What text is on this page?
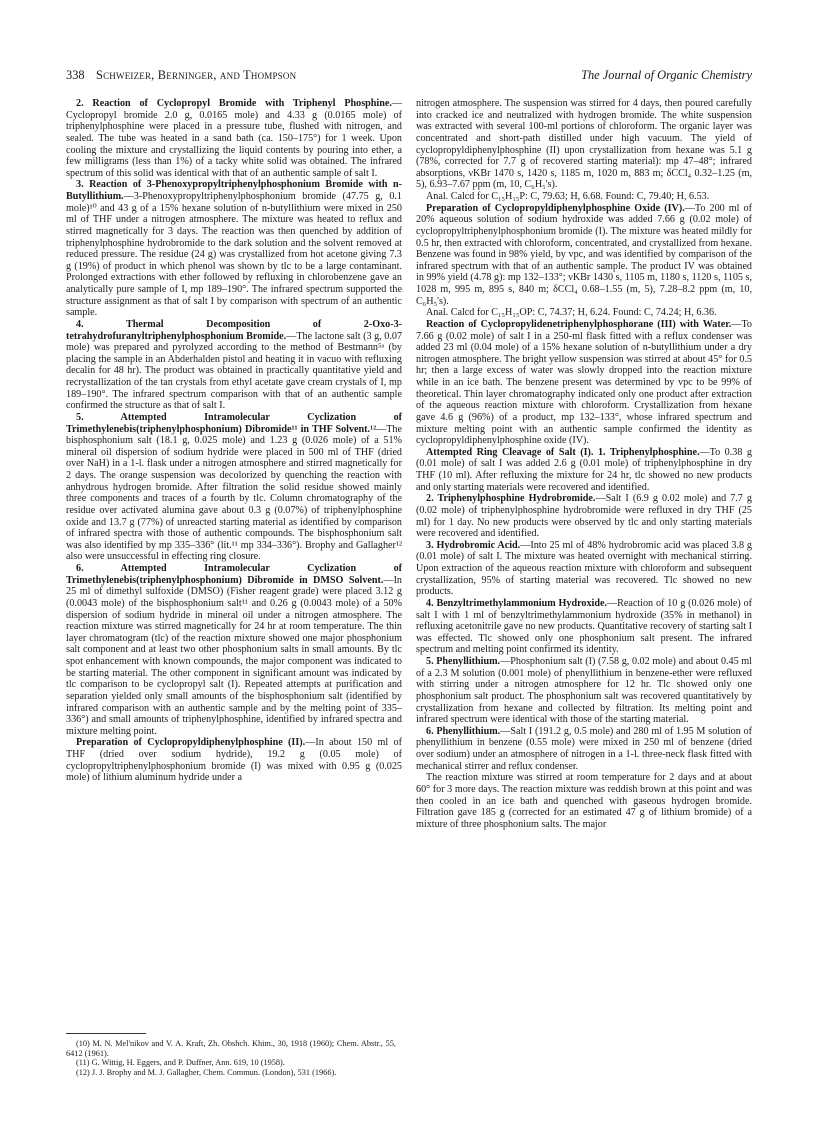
338 Schweizer, Berninger, and Thompson	The Journal of Organic Chemistry

2. Reaction of Cyclopropyl Bromide with Triphenyl Phosphine.—Cyclopropyl bromide 2.0 g, 0.0165 mole) and 4.33 g (0.0165 mole) of triphenylphosphine were placed in a pressure tube, flushed with nitrogen, and sealed. The tube was heated in a sand bath (ca. 150–175°) for 1 week. Upon cooling the mixture and crystallizing the liquid contents by pouring into ether, a few milligrams (less than 1%) of a tacky white solid was obtained. The infrared spectrum of this solid was identical with that of an authentic sample of salt I.

3. Reaction of 3-Phenoxypropyltriphenylphosphonium Bromide with n-Butyllithium.—3-Phenoxypropyltriphenylphosphonium bromide (47.75 g, 0.1 mole)¹⁰ and 43 g of a 15% hexane solution of n-butyllithium were mixed in 250 ml of THF under a nitrogen atmosphere. The mixture was heated to reflux and stirred magnetically for 3 days. The reaction was then quenched by addition of triphenylphosphine hydrobromide to the dark solution and the solvent removed at reduced pressure. The residue (24 g) was crystallized from hot acetone giving 7.3 g (19%) of product in which phenol was shown by tlc to be a large contaminant. Prolonged extractions with ether followed by refluxing in chlorobenzene gave an analytically pure sample of I, mp 189–190°. The infrared spectrum supported the structure assignment as that of salt I by comparison with spectrum of an authentic sample.

4. Thermal Decomposition of 2-Oxo-3-tetrahydrofuranyltriphenylphosphonium Bromide.—The lactone salt (3 g, 0.07 mole) was prepared and pyrolyzed according to the method of Bestmann⁵ᵃ (by placing the sample in an Abderhalden pistol and heating it in vacuo with refluxing decalin for 48 hr). The product was obtained in practically quantitative yield and recrystallization of the tan crystals from ethyl acetate gave cream crystals of I, mp 189–190°. The infrared spectrum comparison with that of an authentic sample confirmed the structure as that of salt I.

5. Attempted Intramolecular Cyclization of Trimethylenebis(triphenylphosphonium) Dibromide¹¹ in THF Solvent.¹²—The bisphosphonium salt (18.1 g, 0.025 mole) and 1.23 g (0.026 mole) of a 51% mineral oil dispersion of sodium hydride were placed in 500 ml of THF (dried over NaH) in a 1-l. flask under a nitrogen atmosphere and stirred magnetically for 2 days. The orange suspension was decolorized by quenching the reaction with anhydrous hydrogen bromide. After filtration the solid residue showed mainly three components and traces of a fourth by tlc. Column chromatography of the residue over activated alumina gave about 0.3 g (0.07%) of triphenylphosphine oxide and 13.7 g (77%) of unreacted starting material as identified by comparison of infrared spectra with those of authentic compounds. The bisphosphonium salt was also identified by mp 335–336° (lit.¹¹ mp 334–336°). Brophy and Gallagher¹² also were unsuccessful in effecting ring closure.

6. Attempted Intramolecular Cyclization of Trimethylenebis(triphenylphosphonium) Dibromide in DMSO Solvent.—In 25 ml of dimethyl sulfoxide (DMSO) (Fisher reagent grade) were placed 3.12 g (0.0043 mole) of the bisphosphonium salt¹¹ and 0.26 g (0.0043 mole) of a 50% dispersion of sodium hydride in mineral oil under a nitrogen atmosphere. The reaction mixture was stirred magnetically for 24 hr at room temperature. The thin layer chromatogram (tlc) of the reaction mixture showed one major phosphonium salt component and at least two other phosphonium salts in small amounts. By tlc spot enhancement with known compounds, the major component was indicated to be starting material. The other component in significant amount was indicated by tlc comparison to be cyclopropyl salt (I). Repeated attempts at purification and separation yielded only small amounts of the bisphosphonium salt (identified by infrared comparison with an authentic sample and by the melting point of 335–336°) and small amounts of triphenylphosphine, identified by infrared spectra and mixture melting point.

Preparation of Cyclopropyldiphenylphosphine (II).—In about 150 ml of THF (dried over sodium hydride), 19.2 g (0.05 mole) of cyclopropyltriphenylphosphonium bromide (I) was mixed with 0.95 g (0.025 mole) of lithium aluminum hydride under a

nitrogen atmosphere. The suspension was stirred for 4 days, then poured carefully into cracked ice and neutralized with hydrogen bromide. The white suspension was extracted with several 100-ml portions of chloroform. The organic layer was concentrated and short-path distilled under high vacuum. The yield of cyclopropyldiphenylphosphine (II) upon crystallization from hexane was 5.1 g (78%, corrected for 7.7 g of recovered starting material): mp 47–48°; infrared absorptions, νKBr 1470 s, 1420 s, 1185 m, 1020 m, 883 m; δCCl₄ 0.32–1.25 (m, 5), 6.93–7.67 ppm (m, 10, C₆H₅'s).

Anal. Calcd for C₁₅H₁₅P: C, 79.63; H, 6.68. Found: C, 79.40; H, 6.53.

Preparation of Cyclopropyldiphenylphosphine Oxide (IV).—To 200 ml of 20% aqueous solution of sodium hydroxide was added 7.66 g (0.02 mole) of cyclopropyltriphenylphosphonium bromide (I). The mixture was heated mildly for 0.5 hr, then extracted with chloroform, concentrated, and crystallized from hexane. Benzene was found in 98% yield, by vpc, and was identified by comparison of the infrared spectrum with that of an authentic sample. The product IV was obtained in 99% yield (4.78 g): mp 132–133°; νKBr 1430 s, 1105 m, 1180 s, 1120 s, 1105 s, 1028 m, 995 m, 895 s, 840 m; δCCl₄ 0.68–1.55 (m, 5), 7.28–8.2 ppm (m, 10, C₆H₅'s).

Anal. Calcd for C₁₅H₁₅OP: C, 74.37; H, 6.24. Found: C, 74.24; H, 6.36.

Reaction of Cyclopropylidenetriphenylphosphorane (III) with Water.—To 7.66 g (0.02 mole) of salt I in a 250-ml flask fitted with a reflux condenser was added 23 ml (0.04 mole) of a 15% hexane solution of n-butyllithium under a dry nitrogen atmosphere. The bright yellow suspension was stirred at about 45° for 0.5 hr; then a large excess of water was slowly dropped into the reaction mixture while in an ice bath. The benzene present was determined by vpc to be 99% of theoretical. Thin layer chromatography indicated only one product after extraction of the aqueous reaction mixture with chloroform. Crystallization from hexane gave 4.6 g (96%) of a product, mp 132–133°, whose infrared spectrum and mixture melting point with an authentic sample confirmed the identity as cyclopropyldiphenylphosphine oxide (IV).

Attempted Ring Cleavage of Salt (I). 1. Triphenylphosphine.—To 0.38 g (0.01 mole) of salt I was added 2.6 g (0.01 mole) of triphenylphosphine in dry THF (10 ml). After refluxing the mixture for 24 hr, tlc showed no new products and only starting materials were recovered and identified.

2. Triphenylphosphine Hydrobromide.—Salt I (6.9 g 0.02 mole) and 7.7 g (0.02 mole) of triphenylphosphine hydrobromide were refluxed in dry THF (25 ml) for 1 day. No new products were observed by tlc and only starting materials were recovered and identified.

3. Hydrobromic Acid.—Into 25 ml of 48% hydrobromic acid was placed 3.8 g (0.01 mole) of salt I. The mixture was heated overnight with mechanical stirring. Upon extraction of the aqueous reaction mixture with chloroform and subsequent crystallization, 95% of starting material was recovered. Tlc showed no new products.

4. Benzyltrimethylammonium Hydroxide.—Reaction of 10 g (0.026 mole) of salt I with 1 ml of benzyltrimethylammonium hydroxide (35% in methanol) in refluxing acetonitrile gave no new products. Quantitative recovery of starting salt I was effected. Tlc showed only one phosphonium salt present. The infrared spectrum and melting point confirmed its identity.

5. Phenyllithium.—Phosphonium salt (I) (7.58 g, 0.02 mole) and about 0.45 ml of a 2.3 M solution (0.001 mole) of phenyllithium in benzene-ether were refluxed with stirring under a nitrogen atmosphere for 12 hr. Tlc showed only one phosphonium salt product. The phosphonium salt was recovered quantitatively by crystallization from hexane and collected by filtration. Its melting point and infrared spectrum were identical with those of the starting material.

6. Phenyllithium.—Salt I (191.2 g, 0.5 mole) and 280 ml of 1.95 M solution of phenyllithium in benzene (0.55 mole) were mixed in 250 ml of benzene (dried over sodium) under an atmosphere of nitrogen in a 1-l. three-neck flask fitted with mechanical stirrer and reflux condenser.

The reaction mixture was stirred at room temperature for 2 days and at about 60° for 3 more days. The reaction mixture was reddish brown at this point and was then cooled in an ice bath and quenched with gaseous hydrogen bromide. Filtration gave 185 g (corrected for an estimated 47 g of lithium bromide) of a mixture of three phosphonium salts. The major

(10) M. N. Mel'nikov and V. A. Kraft, Zh. Obshch. Khim., 30, 1918 (1960); Chem. Abstr., 55, 6412 (1961).

(11) G. Wittig, H. Eggers, and P. Duffner, Ann. 619, 10 (1958).

(12) J. J. Brophy and M. J. Gallagher, Chem. Commun. (London), 531 (1966).
